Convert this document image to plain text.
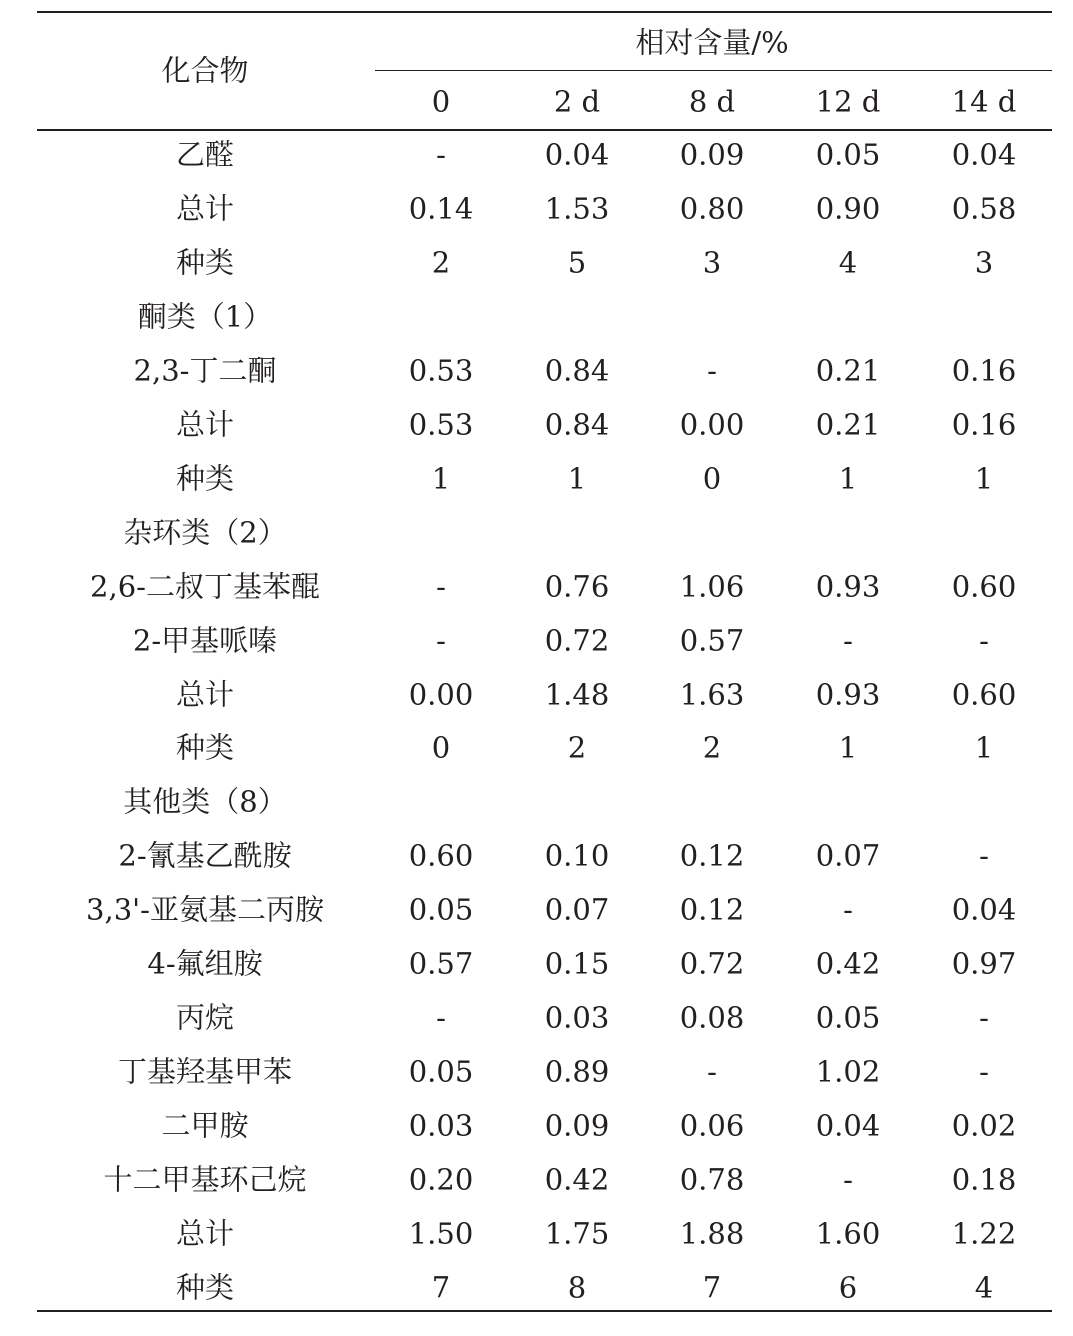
化合物
相对含量/%
0	2 d	8 d	12 d 14 d
乙醛	-	0.04 0.09 0.05 0.04
总计	0.14 1.53 0.80 0.90 0.58
种类	2	5	3	4	3
酮类（1）
2,3-丁二酮	0.53 0.84	-	0.21 0.16
总计	0.53 0.84 0.00 0.21 0.16
种类	1	1	0	1	1
杂环类（2）
2,6-二叔丁基苯醌	-	0.76 1.06 0.93 0.60
2-甲基哌嗪	-	0.72 0.57	-	-
总计	0.00 1.48 1.63 0.93 0.60
种类	0	2	2	1	1
其他类（8）
2-氰基乙酰胺	0.60 0.10 0.12 0.07	-
3,3'-亚氨基二丙胺	0.05 0.07 0.12	-	0.04
4-氟组胺	0.57 0.15 0.72 0.42 0.97
丙烷	-	0.03 0.08 0.05	-
丁基羟基甲苯	0.05 0.89	-	1.02	-
二甲胺	0.03 0.09 0.06 0.04 0.02
十二甲基环己烷	0.20 0.42 0.78	-	0.18
总计	1.50 1.75 1.88 1.60 1.22
种类	7	8	7	6	4
